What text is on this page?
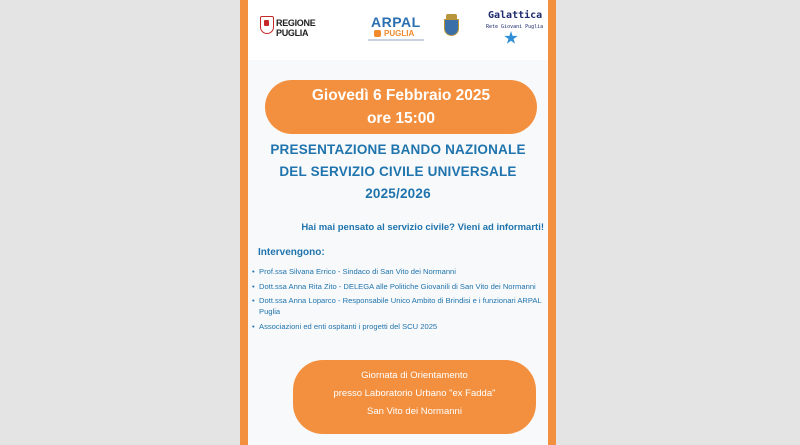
REGIONE
PUGLIA
ARPAL
PUGLIA
Galattica
Rete Giovani Puglia
Giovedì 6 Febbraio 2025
ore 15:00
PRESENTAZIONE BANDO NAZIONALE
DEL SERVIZIO CIVILE UNIVERSALE
2025/2026
Hai mai pensato al servizio civile? Vieni ad informarti!
Intervengono:
• Prof.ssa Silvana Errico - Sindaco di San Vito dei Normanni
• Dott.ssa Anna Rita Zito - DELEGA alle Politiche Giovanili di San Vito dei Normanni
• Dott.ssa Anna Loparco - Responsabile Unico Ambito di Brindisi e i funzionari ARPAL Puglia
• Associazioni ed enti ospitanti i progetti del SCU 2025
Giornata di Orientamento
presso Laboratorio Urbano "ex Fadda"
San Vito dei Normanni
